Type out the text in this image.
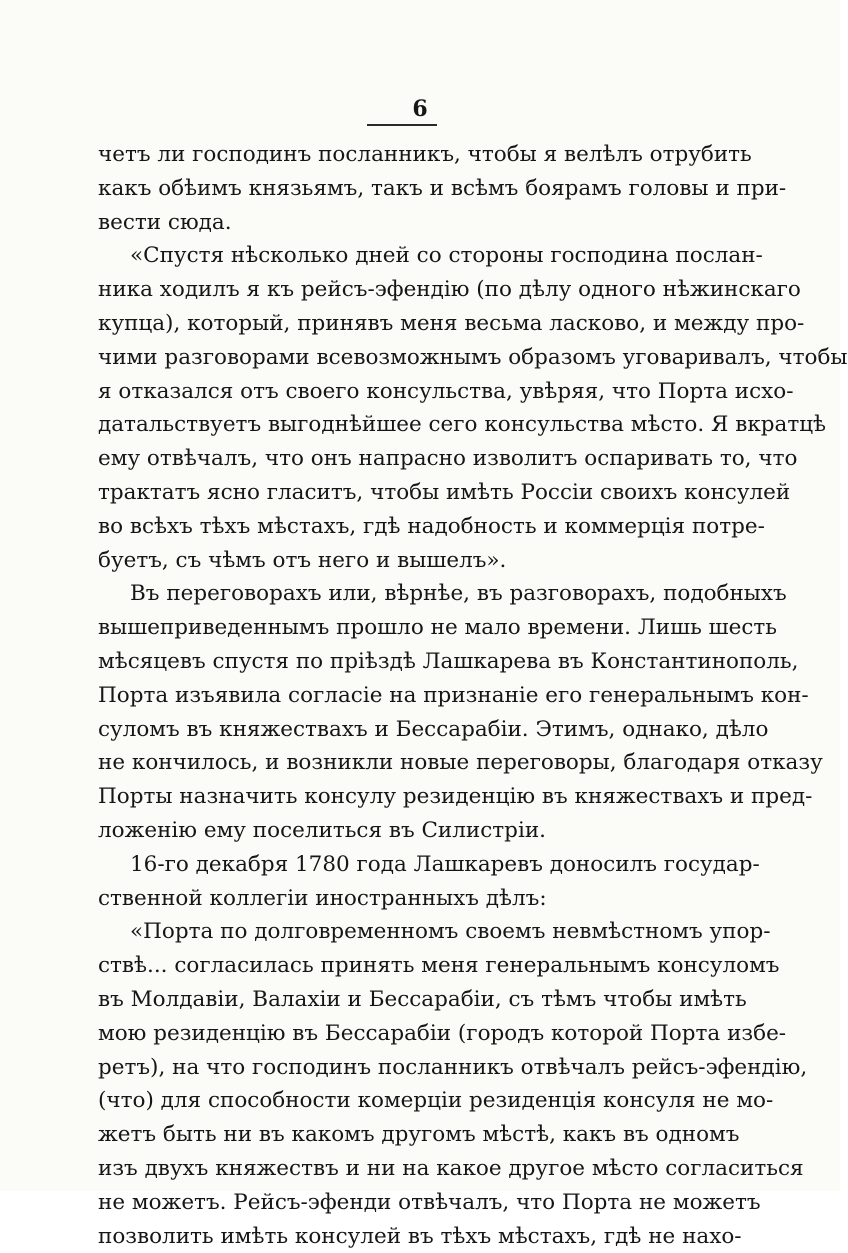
6
четъ ли господинъ посланникъ, чтобы я велѣлъ отрубить
какъ обѣимъ князьямъ, такъ и всѣмъ боярамъ головы и при-
вести сюда.
«Спустя нѣсколько дней со стороны господина послан-
ника ходилъ я къ рейсъ-эфендію (по дѣлу одного нѣжинскаго
купца), который, принявъ меня весьма ласково, и между про-
чими разговорами всевозможнымъ образомъ уговаривалъ, чтобы
я отказался отъ своего консульства, увѣряя, что Порта исхо-
датальствуетъ выгоднѣйшее сего консульства мѣсто. Я вкратцѣ
ему отвѣчалъ, что онъ напрасно изволитъ оспаривать то, что
трактатъ ясно гласитъ, чтобы имѣть Россіи своихъ консулей
во всѣхъ тѣхъ мѣстахъ, гдѣ надобность и коммерція потре-
буетъ, съ чѣмъ отъ него и вышелъ».
Въ переговорахъ или, вѣрнѣе, въ разговорахъ, подобныхъ
вышеприведеннымъ прошло не мало времени. Лишь шесть
мѣсяцевъ спустя по пріѣздѣ Лашкарева въ Константинополь,
Порта изъявила согласіе на признаніе его генеральнымъ кон-
суломъ въ княжествахъ и Бессарабіи. Этимъ, однако, дѣло
не кончилось, и возникли новые переговоры, благодаря отказу
Порты назначить консулу резиденцію въ княжествахъ и пред-
ложенію ему поселиться въ Силистріи.
16-го декабря 1780 года Лашкаревъ доносилъ государ-
ственной коллегіи иностранныхъ дѣлъ:
«Порта по долговременномъ своемъ невмѣстномъ упор-
ствѣ... согласилась принять меня генеральнымъ консуломъ
въ Молдавіи, Валахіи и Бессарабіи, съ тѣмъ чтобы имѣть
мою резиденцію въ Бессарабіи (городъ которой Порта избе-
ретъ), на что господинъ посланникъ отвѣчалъ рейсъ-эфендію,
(что) для способности комерціи резиденція консуля не мо-
жетъ быть ни въ какомъ другомъ мѣстѣ, какъ въ одномъ
изъ двухъ княжествъ и ни на какое другое мѣсто согласиться
не можетъ. Рейсъ-эфенди отвѣчалъ, что Порта не можетъ
позволить имѣть консулей въ тѣхъ мѣстахъ, гдѣ не нахо-
